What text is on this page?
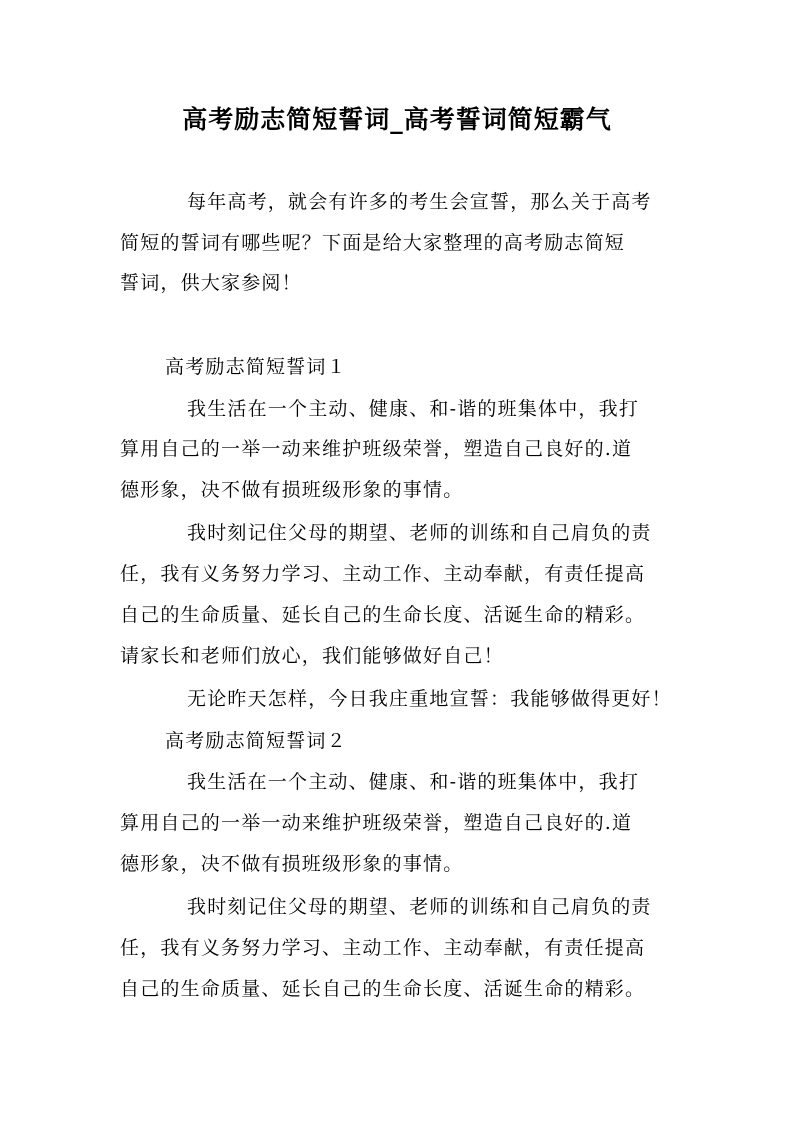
高考励志简短誓词_高考誓词简短霸气
每年高考，就会有许多的考生会宣誓，那么关于高考
简短的誓词有哪些呢？下面是给大家整理的高考励志简短
誓词，供大家参阅！
高考励志简短誓词１
我生活在一个主动、健康、和-谐的班集体中，我打
算用自己的一举一动来维护班级荣誉，塑造自己良好的.道
德形象，决不做有损班级形象的事情。
我时刻记住父母的期望、老师的训练和自己肩负的责
任，我有义务努力学习、主动工作、主动奉献，有责任提高
自己的生命质量、延长自己的生命长度、活诞生命的精彩。
请家长和老师们放心，我们能够做好自己！
无论昨天怎样，今日我庄重地宣誓：我能够做得更好！
高考励志简短誓词２
我生活在一个主动、健康、和-谐的班集体中，我打
算用自己的一举一动来维护班级荣誉，塑造自己良好的.道
德形象，决不做有损班级形象的事情。
我时刻记住父母的期望、老师的训练和自己肩负的责
任，我有义务努力学习、主动工作、主动奉献，有责任提高
自己的生命质量、延长自己的生命长度、活诞生命的精彩。
